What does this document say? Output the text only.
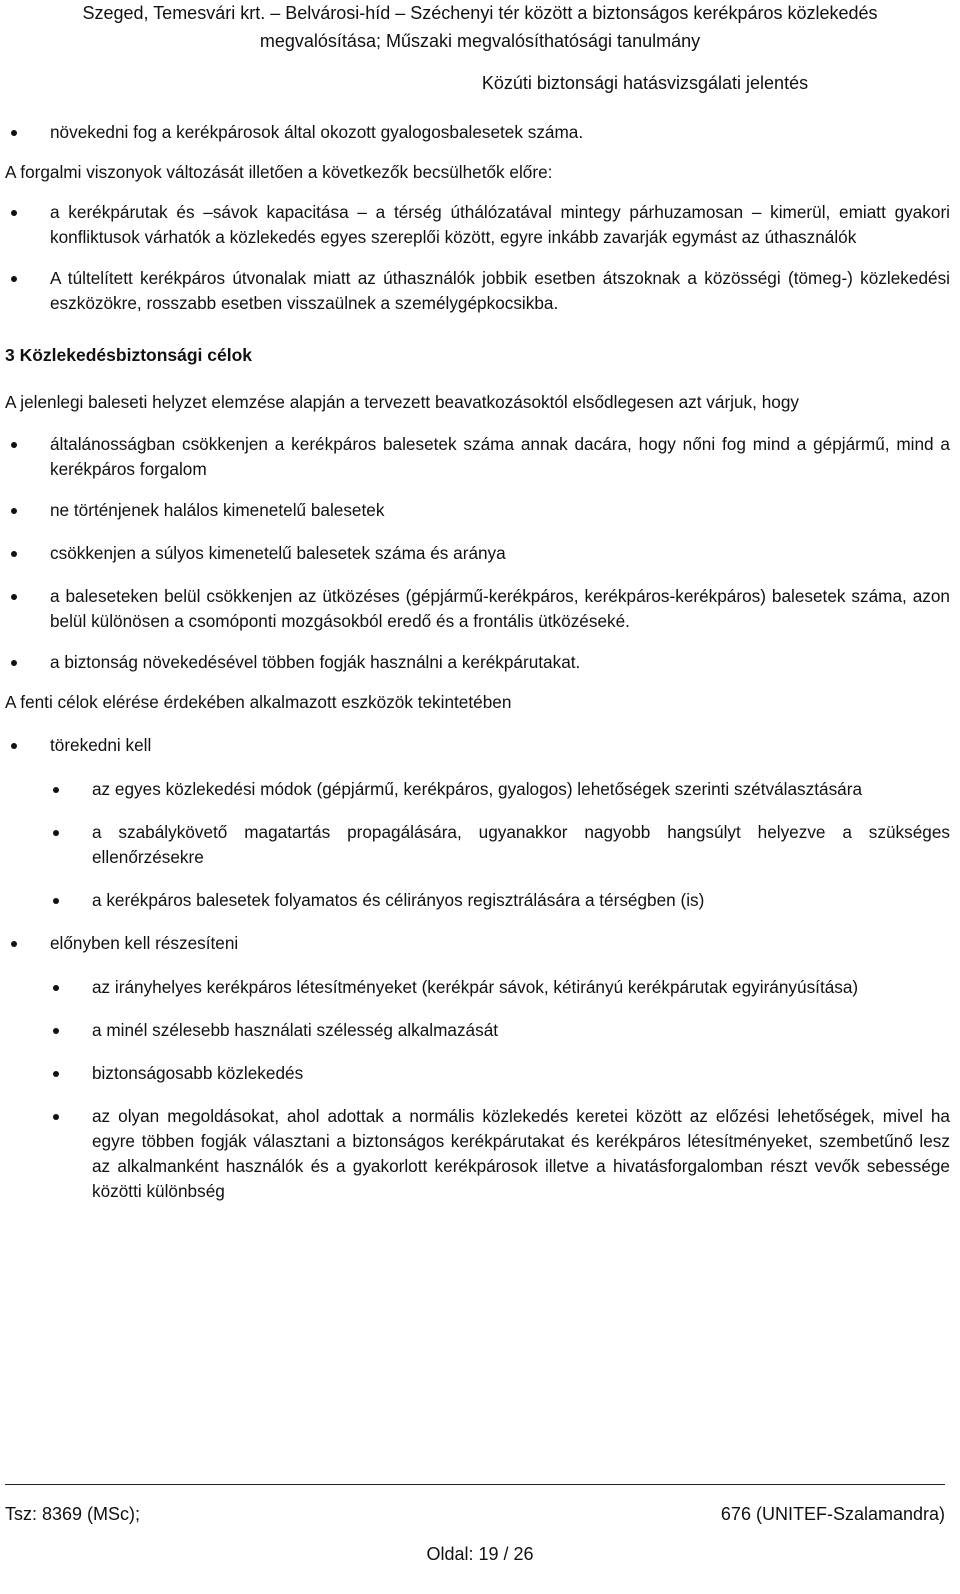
Szeged, Temesvári krt. – Belvárosi-híd – Széchenyi tér között a biztonságos kerékpáros közlekedés
megvalósítása; Műszaki megvalósíthatósági tanulmány
Közúti biztonsági hatásvizsgálati jelentés
növekedni fog a kerékpárosok által okozott gyalogosbalesetek száma.

A forgalmi viszonyok változását illetően a következők becsülhetők előre:

a kerékpárutak és –sávok kapacitása – a térség úthálózatával mintegy párhuzamosan – kimerül, emiatt gyakori konfliktusok várhatók a közlekedés egyes szereplői között, egyre inkább zavarják egymást az úthasználók
A túltelített kerékpáros útvonalak miatt az úthasználók jobbik esetben átszoknak a közösségi (tömeg-) közlekedési eszközökre, rosszabb esetben visszaülnek a személygépkocsikba.
3 Közlekedésbiztonsági célok

A jelenlegi baleseti helyzet elemzése alapján a tervezett beavatkozásoktól elsődlegesen azt várjuk, hogy

általánosságban csökkenjen a kerékpáros balesetek száma annak dacára, hogy nőni fog mind a gépjármű, mind a kerékpáros forgalom
ne történjenek halálos kimenetelű balesetek
csökkenjen a súlyos kimenetelű balesetek száma és aránya
a baleseteken belül csökkenjen az ütközéses (gépjármű-kerékpáros, kerékpáros-kerékpáros) balesetek száma, azon belül különösen a csomóponti mozgásokból eredő és a frontális ütközéseké.
a biztonság növekedésével többen fogják használni a kerékpárutakat.

A fenti célok elérése érdekében alkalmazott eszközök tekintetében

törekedni kell
az egyes közlekedési módok (gépjármű, kerékpáros, gyalogos) lehetőségek szerinti szétválasztására
a szabálykövető magatartás propagálására, ugyanakkor nagyobb hangsúlyt helyezve a szükséges ellenőrzésekre
a kerékpáros balesetek folyamatos és célirányos regisztrálására a térségben (is)
előnyben kell részesíteni
az irányhelyes kerékpáros létesítményeket (kerékpár sávok, kétirányú kerékpárutak egyirányúsítása)
a minél szélesebb használati szélesség alkalmazását
biztonságosabb közlekedés
az olyan megoldásokat, ahol adottak a normális közlekedés keretei között az előzési lehetőségek, mivel ha egyre többen fogják választani a biztonságos kerékpárutakat és kerékpáros létesítményeket, szembetűnő lesz az alkalmanként használók és a gyakorlott kerékpárosok illetve a hivatásforgalomban részt vevők sebessége közötti különbség
Tsz: 8369 (MSc);	676 (UNITEF-Szalamandra)
Oldal: 19 / 26
